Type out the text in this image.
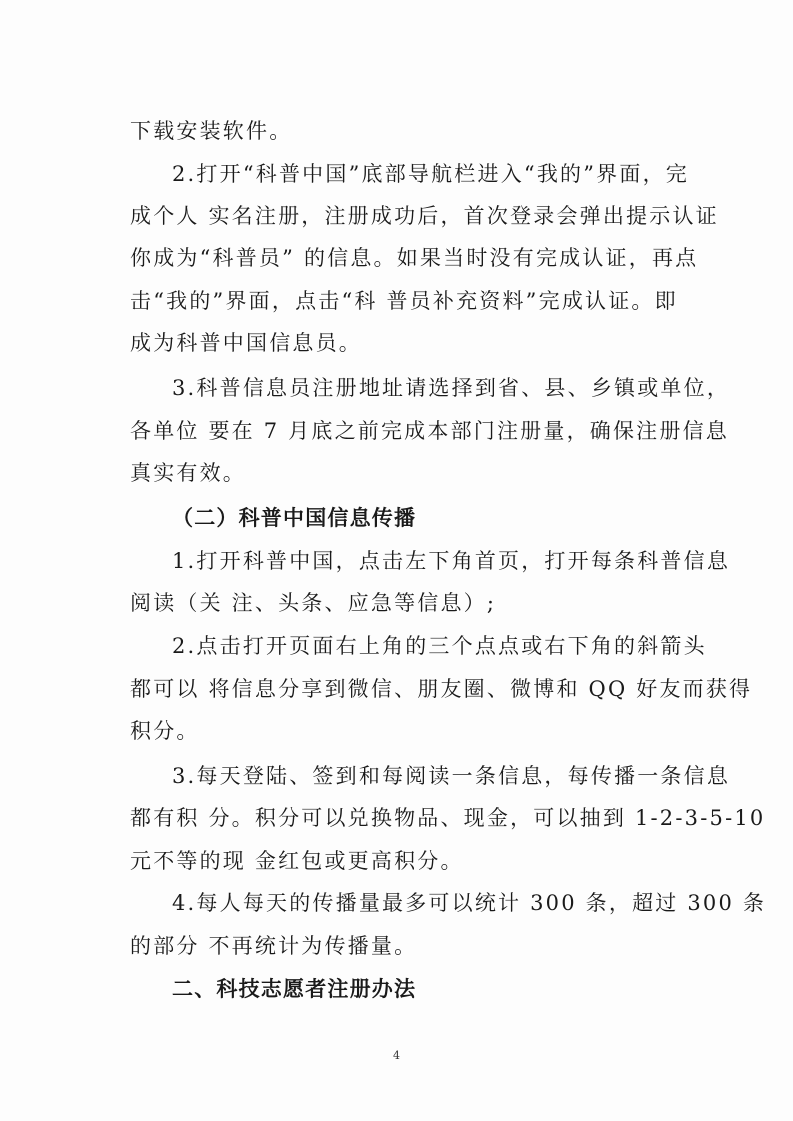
下载安装软件。
2.打开“科普中国”底部导航栏进入“我的”界面，完
成个人 实名注册，注册成功后，首次登录会弹出提示认证
你成为“科普员” 的信息。如果当时没有完成认证，再点
击“我的”界面，点击“科 普员补充资料”完成认证。即
成为科普中国信息员。
3.科普信息员注册地址请选择到省、县、乡镇或单位，
各单位 要在 7 月底之前完成本部门注册量，确保注册信息
真实有效。
（二）科普中国信息传播
1.打开科普中国，点击左下角首页，打开每条科普信息
阅读（关 注、头条、应急等信息）;
2.点击打开页面右上角的三个点点或右下角的斜箭头
都可以 将信息分享到微信、朋友圈、微博和 QQ 好友而获得
积分。
3.每天登陆、签到和每阅读一条信息，每传播一条信息
都有积 分。积分可以兑换物品、现金，可以抽到 1-2-3-5-10
元不等的现 金红包或更高积分。
4.每人每天的传播量最多可以统计 300 条，超过 300 条
的部分 不再统计为传播量。
二、科技志愿者注册办法
4
